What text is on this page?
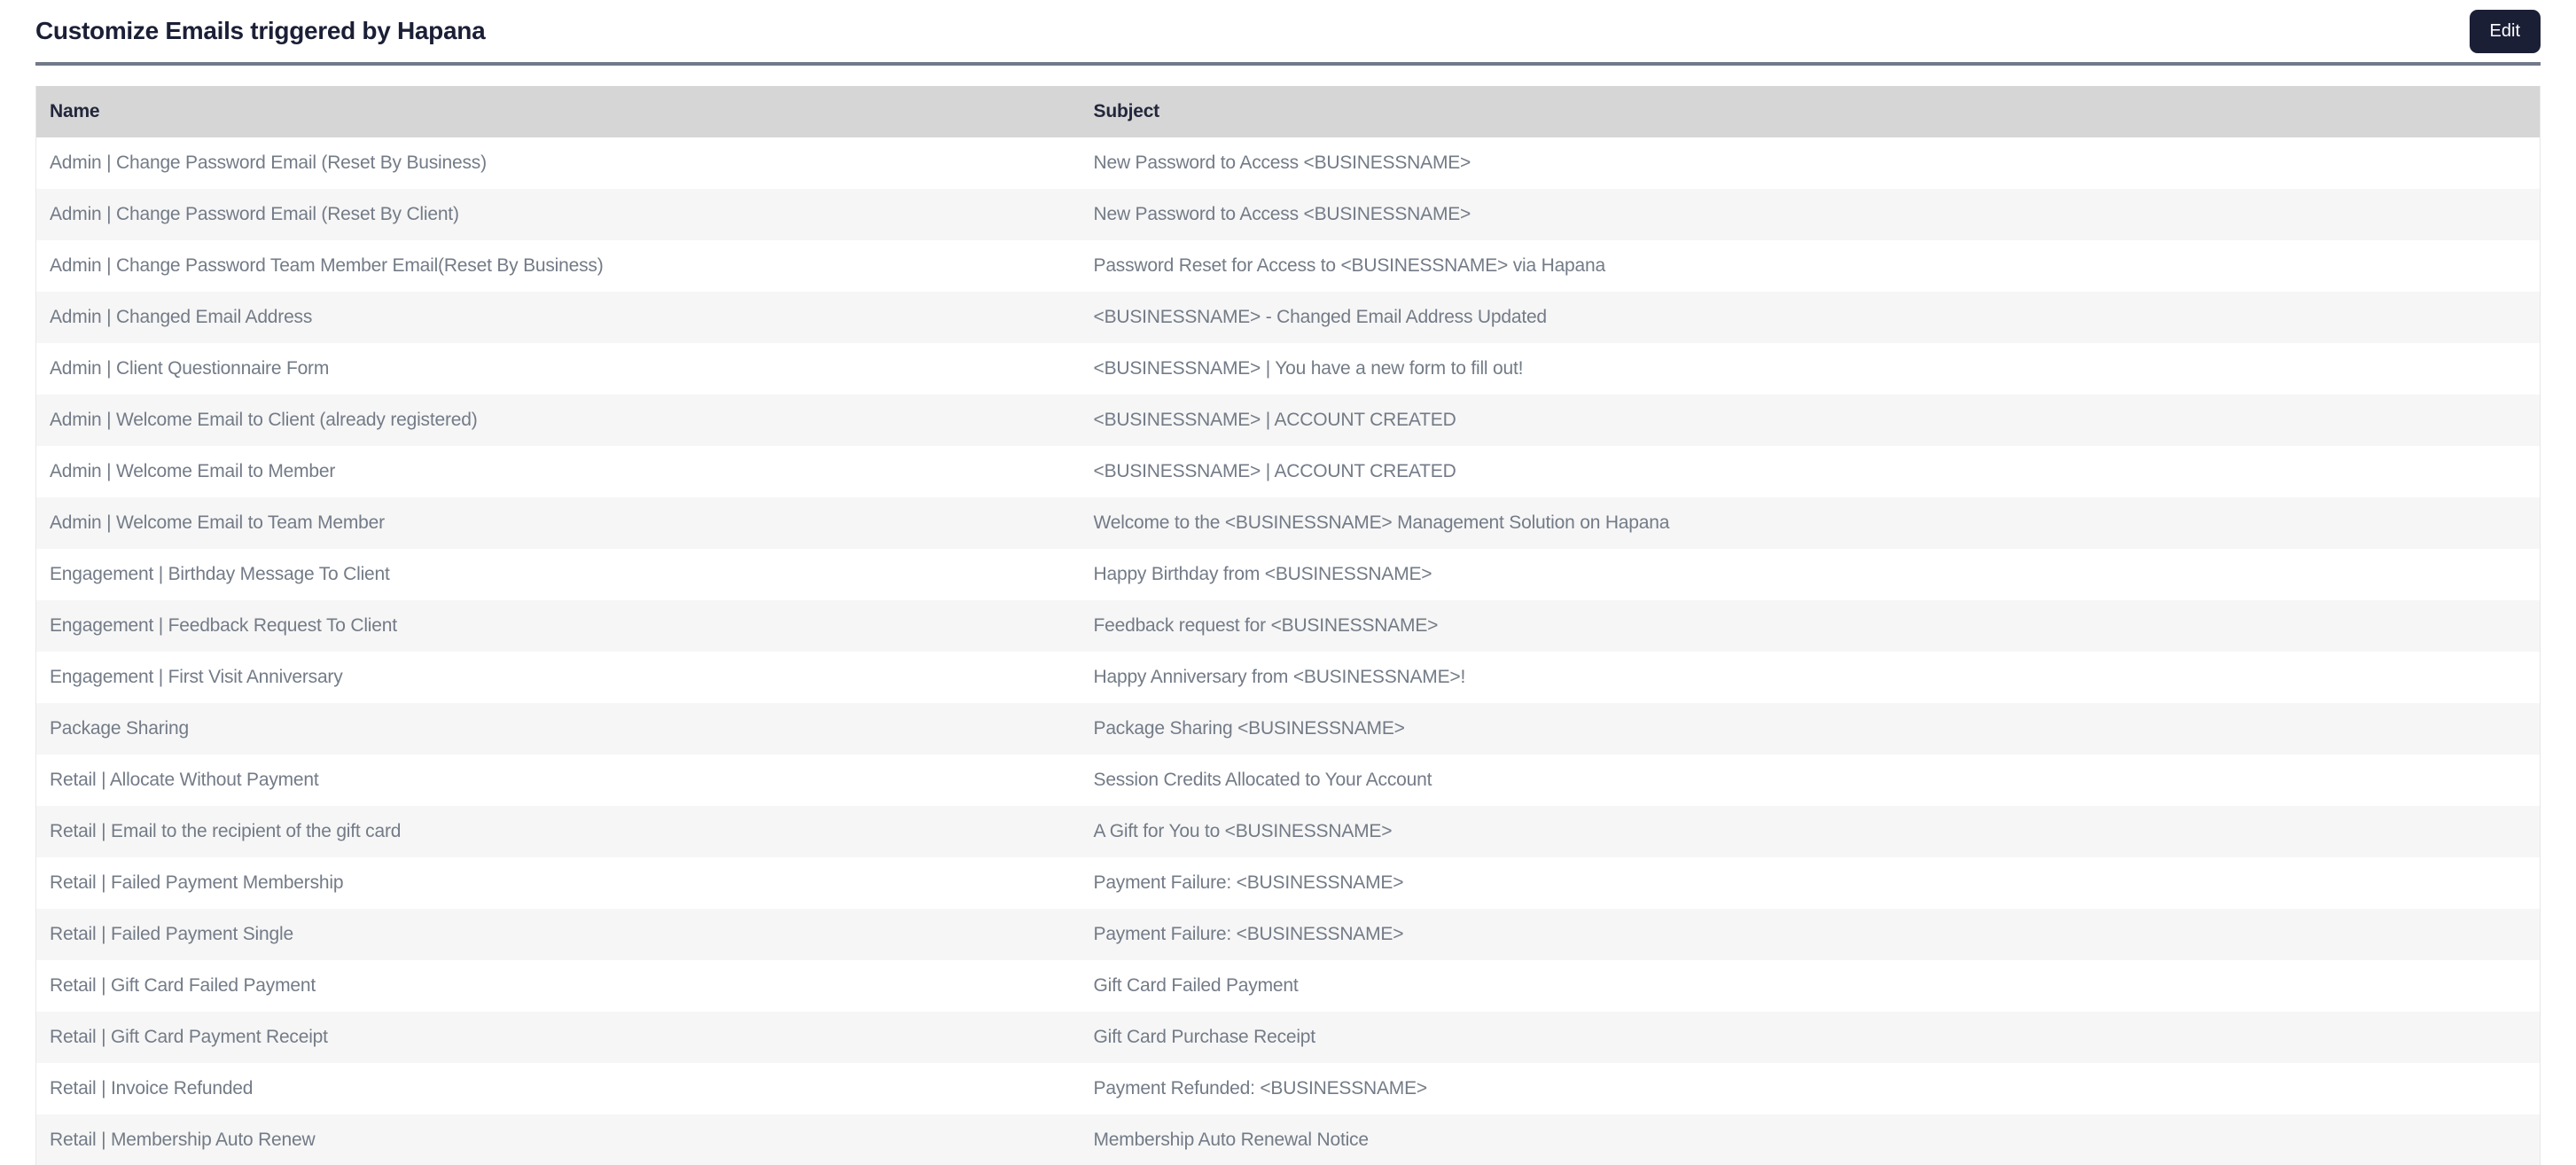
Customize Emails triggered by Hapana	Edit
Name	Subject
Admin | Change Password Email (Reset By Business)	New Password to Access <BUSINESSNAME>
Admin | Change Password Email (Reset By Client)	New Password to Access <BUSINESSNAME>
Admin | Change Password Team Member Email(Reset By Business)	Password Reset for Access to <BUSINESSNAME> via Hapana
Admin | Changed Email Address	<BUSINESSNAME> - Changed Email Address Updated
Admin | Client Questionnaire Form	<BUSINESSNAME> | You have a new form to fill out!
Admin | Welcome Email to Client (already registered)	<BUSINESSNAME> | ACCOUNT CREATED
Admin | Welcome Email to Member	<BUSINESSNAME> | ACCOUNT CREATED
Admin | Welcome Email to Team Member	Welcome to the <BUSINESSNAME> Management Solution on Hapana
Engagement | Birthday Message To Client	Happy Birthday from <BUSINESSNAME>
Engagement | Feedback Request To Client	Feedback request for <BUSINESSNAME>
Engagement | First Visit Anniversary	Happy Anniversary from <BUSINESSNAME>!
Package Sharing	Package Sharing <BUSINESSNAME>
Retail | Allocate Without Payment	Session Credits Allocated to Your Account
Retail | Email to the recipient of the gift card	A Gift for You to <BUSINESSNAME>
Retail | Failed Payment Membership	Payment Failure: <BUSINESSNAME>
Retail | Failed Payment Single	Payment Failure: <BUSINESSNAME>
Retail | Gift Card Failed Payment	Gift Card Failed Payment
Retail | Gift Card Payment Receipt	Gift Card Purchase Receipt
Retail | Invoice Refunded	Payment Refunded: <BUSINESSNAME>
Retail | Membership Auto Renew	Membership Auto Renewal Notice
